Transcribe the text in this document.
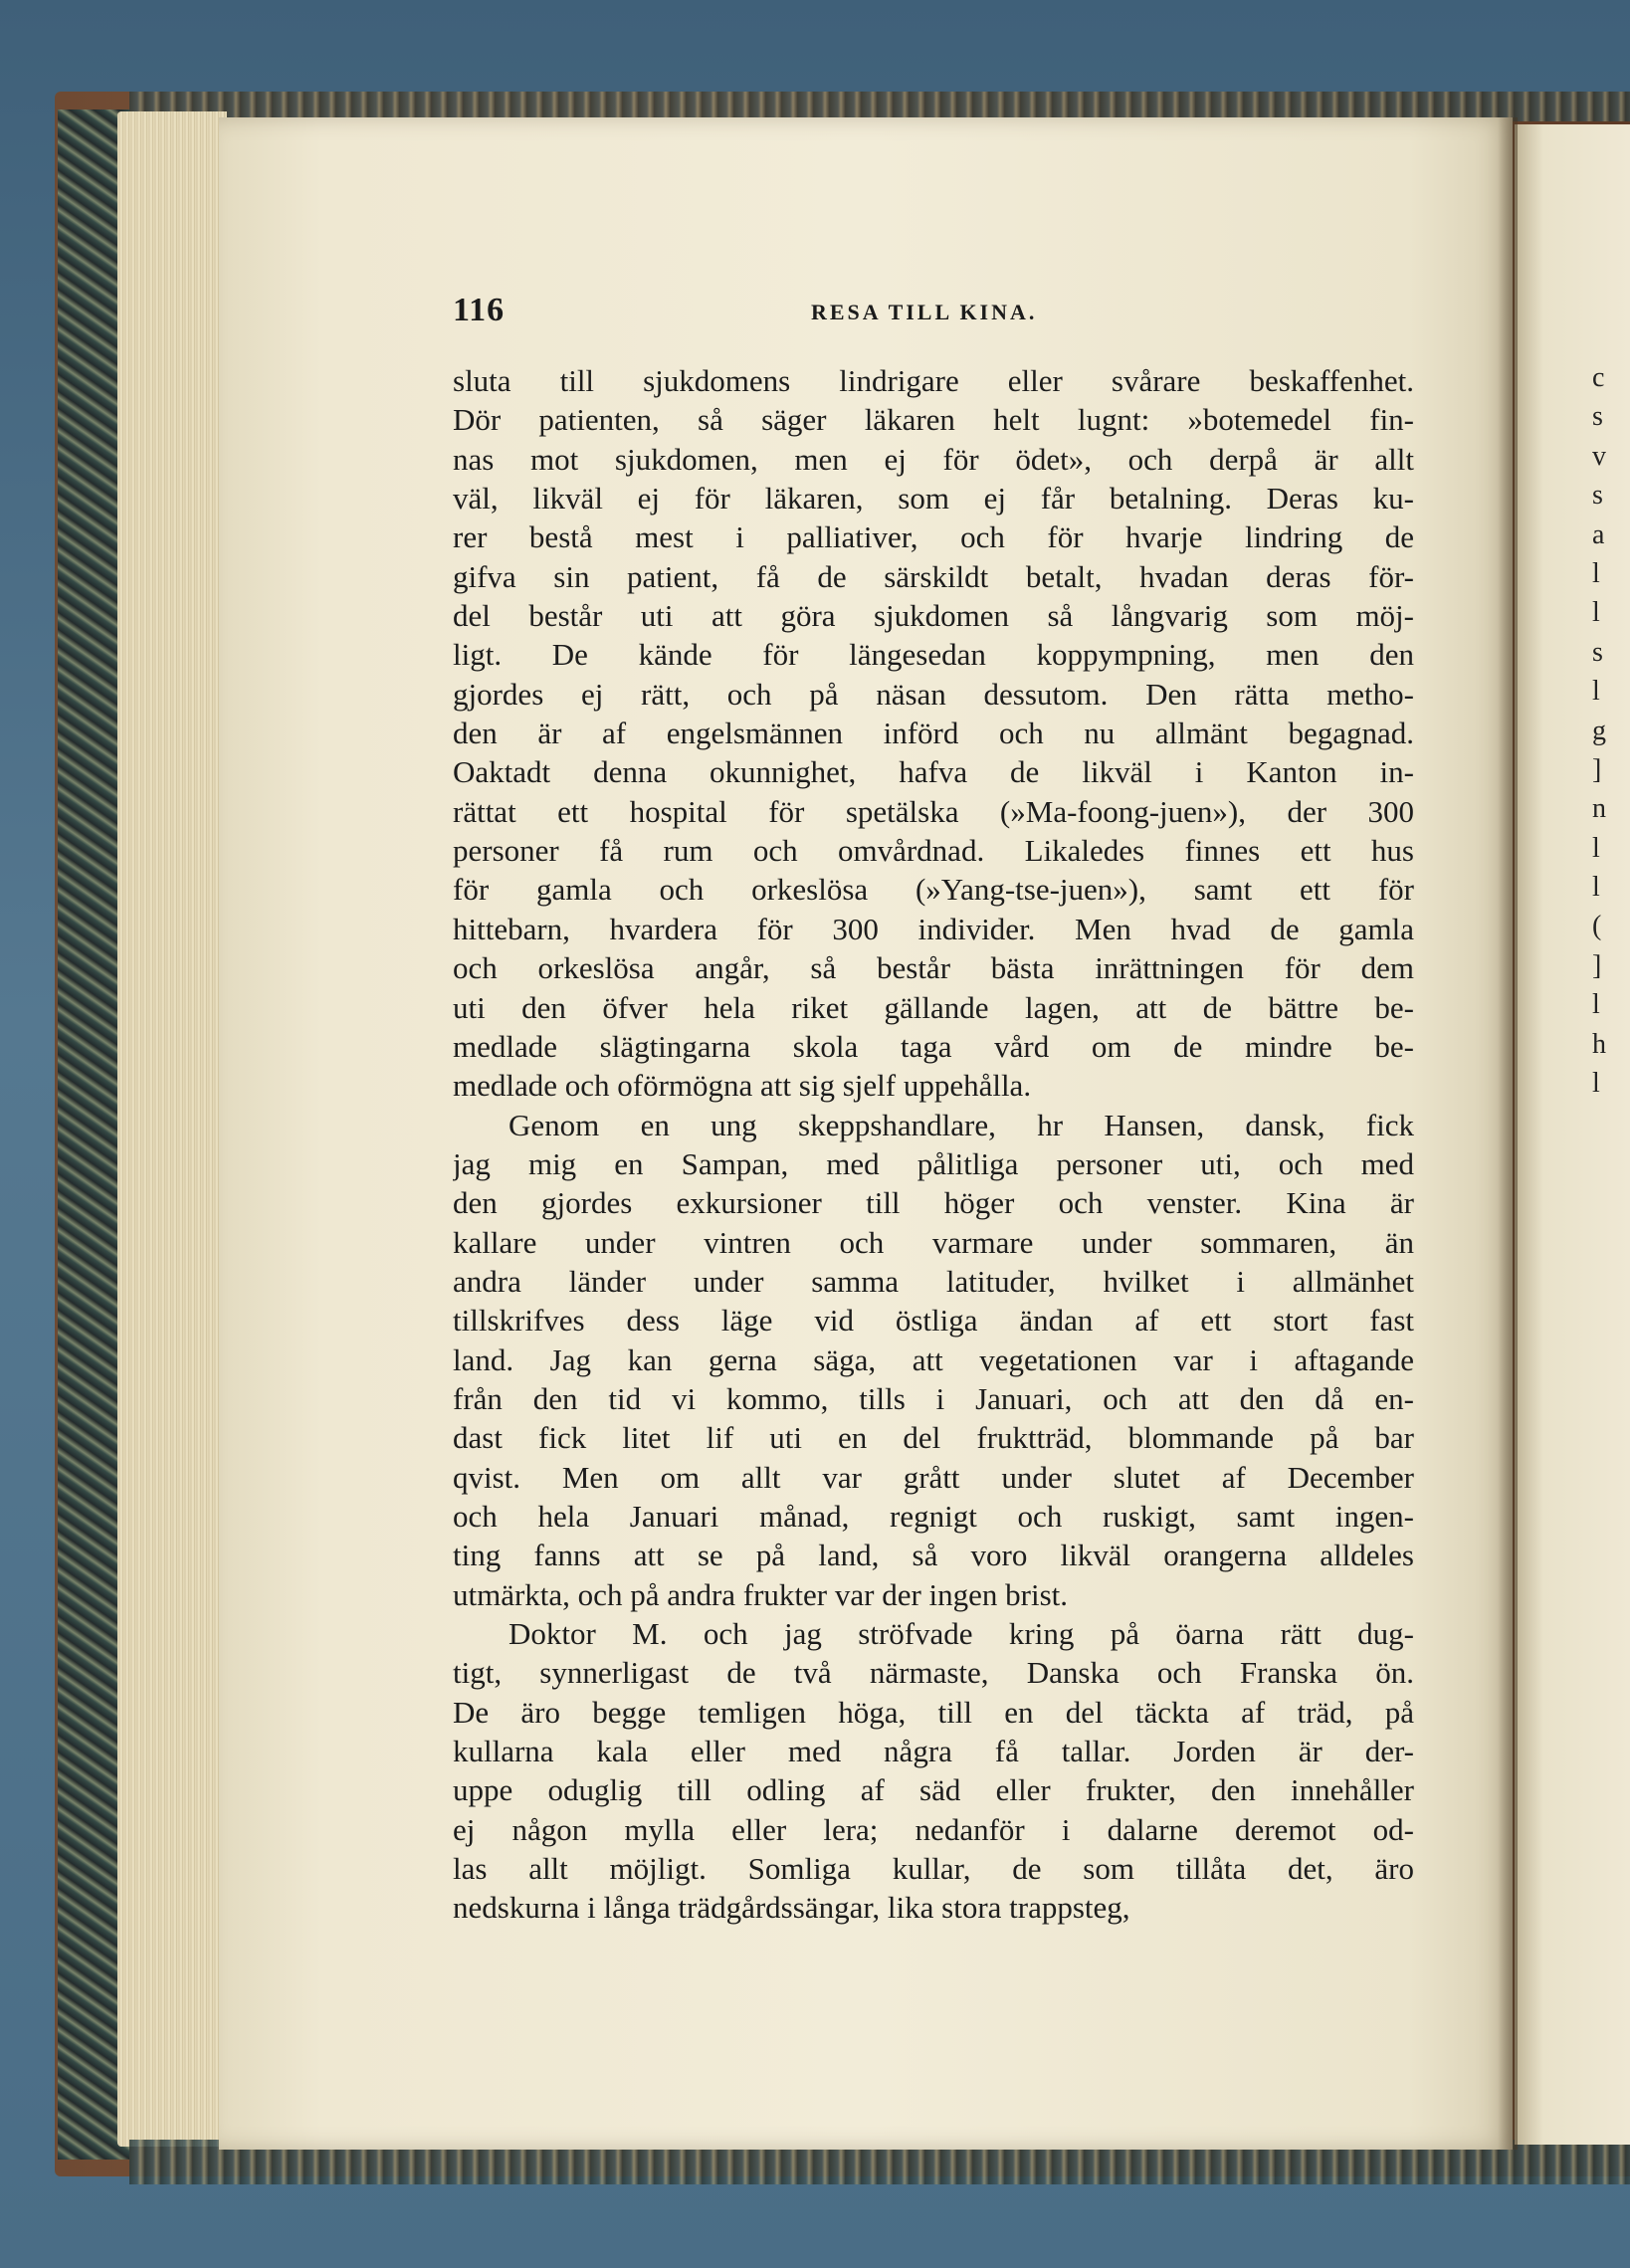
c
s
v
s
a
l
l
s
l
g
]
n
l
l
(
]
l
h
l
116	RESA TILL KINA.
sluta till sjukdomens lindrigare eller svårare beskaffenhet.
Dör patienten, så säger läkaren helt lugnt: »botemedel fin-
nas mot sjukdomen, men ej för ödet», och derpå är allt
väl, likväl ej för läkaren, som ej får betalning. Deras ku-
rer bestå mest i palliativer, och för hvarje lindring de
gifva sin patient, få de särskildt betalt, hvadan deras för-
del består uti att göra sjukdomen så långvarig som möj-
ligt. De kände för längesedan koppympning, men den
gjordes ej rätt, och på näsan dessutom. Den rätta metho-
den är af engelsmännen införd och nu allmänt begagnad.
Oaktadt denna okunnighet, hafva de likväl i Kanton in-
rättat ett hospital för spetälska (»Ma-foong-juen»), der 300
personer få rum och omvårdnad. Likaledes finnes ett hus
för gamla och orkeslösa (»Yang-tse-juen»), samt ett för
hittebarn, hvardera för 300 individer. Men hvad de gamla
och orkeslösa angår, så består bästa inrättningen för dem
uti den öfver hela riket gällande lagen, att de bättre be-
medlade slägtingarna skola taga vård om de mindre be-
medlade och oförmögna att sig sjelf uppehålla.
Genom en ung skeppshandlare, hr Hansen, dansk, fick
jag mig en Sampan, med pålitliga personer uti, och med
den gjordes exkursioner till höger och venster. Kina är
kallare under vintren och varmare under sommaren, än
andra länder under samma latituder, hvilket i allmänhet
tillskrifves dess läge vid östliga ändan af ett stort fast
land. Jag kan gerna säga, att vegetationen var i aftagande
från den tid vi kommo, tills i Januari, och att den då en-
dast fick litet lif uti en del fruktträd, blommande på bar
qvist. Men om allt var grått under slutet af December
och hela Januari månad, regnigt och ruskigt, samt ingen-
ting fanns att se på land, så voro likväl orangerna alldeles
utmärkta, och på andra frukter var der ingen brist.
Doktor M. och jag ströfvade kring på öarna rätt dug-
tigt, synnerligast de två närmaste, Danska och Franska ön.
De äro begge temligen höga, till en del täckta af träd, på
kullarna kala eller med några få tallar. Jorden är der-
uppe oduglig till odling af säd eller frukter, den innehåller
ej någon mylla eller lera; nedanför i dalarne deremot od-
las allt möjligt. Somliga kullar, de som tillåta det, äro
nedskurna i långa trädgårdssängar, lika stora trappsteg,
